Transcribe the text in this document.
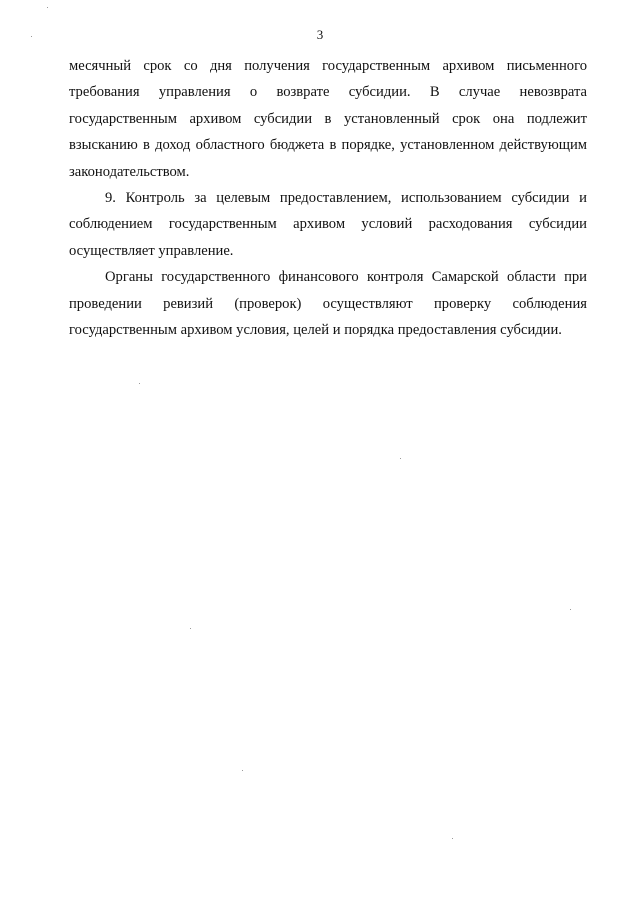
3

месячный срок со дня получения государственным архивом письменного требования управления о возврате субсидии. В случае невозврата государственным архивом субсидии в установленный срок она подлежит взысканию в доход областного бюджета в порядке, установленном действующим законодательством.

9. Контроль за целевым предоставлением, использованием субсидии и соблюдением государственным архивом условий расходования субсидии осуществляет управление.

Органы государственного финансового контроля Самарской области при проведении ревизий (проверок) осуществляют проверку соблюдения государственным архивом условия, целей и порядка предоставления субсидии.
